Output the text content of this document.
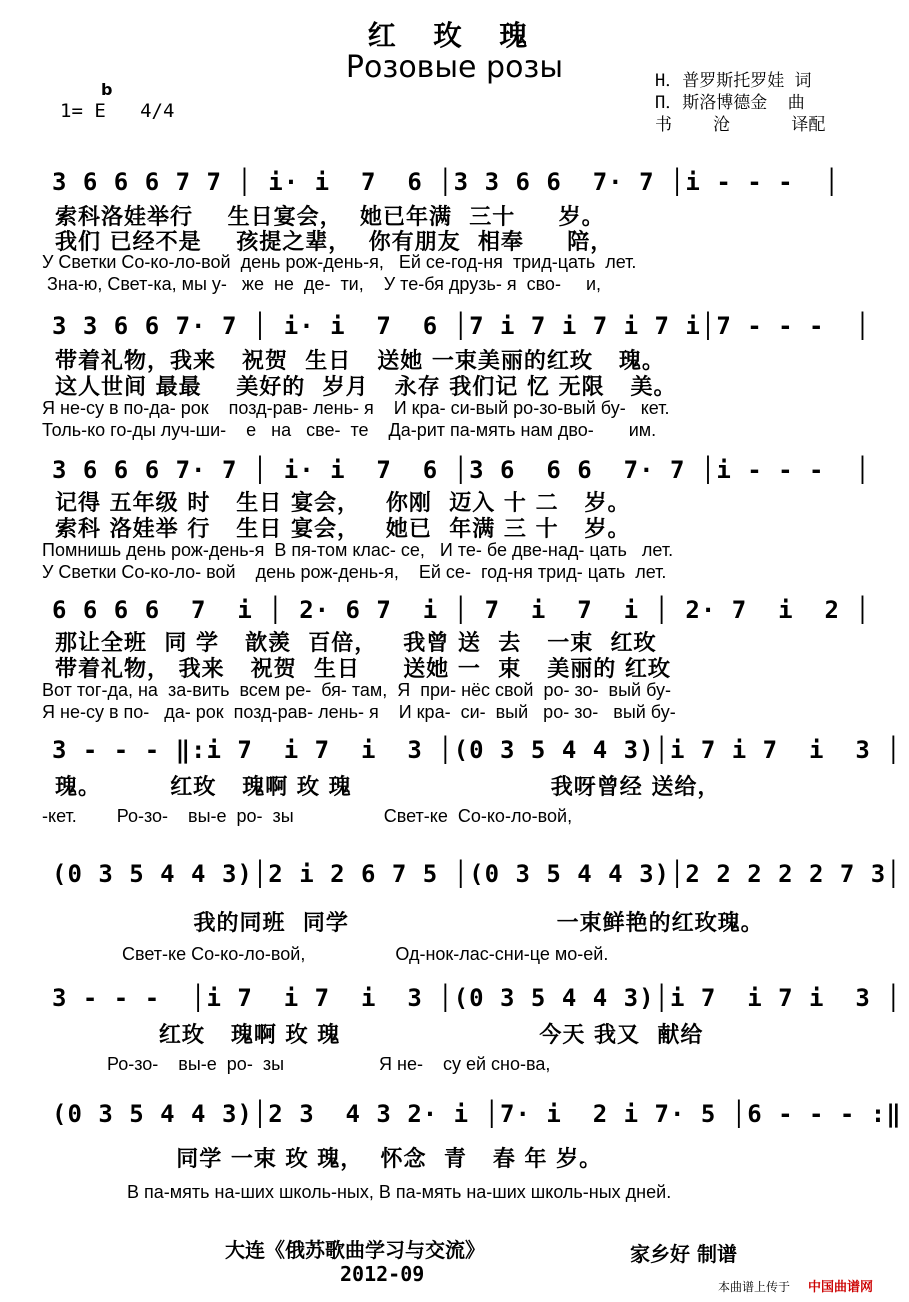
红 玫 瑰
Розовые розы
b
1= E   4/4
Н．普罗斯托罗娃 词
П．斯洛博德金  曲
书    沧      译配
3 6 6 6 7 7 │ i· i  7  6 │3 3 6 6  7· 7 │i - - -  │
索科洛娃举行    生日宴会，  她已年满  三十     岁。
我们 已经不是    孩提之辈，  你有朋友  相奉     陪，
У Светки Со-ко-ло-вой  день рож-день-я,   Ей се-год-ня  трид-цать  лет.
Зна-ю, Свет-ка, мы у-   же  не  де-  ти,    У те-бя друзь- я  сво-     и,
3 3 6 6 7· 7 │ i· i  7  6 │7 i 7 i 7 i 7 i│7 - - -  │
带着礼物，我来   祝贺  生日   送她 一束美丽的红玫   瑰。
这人世间 最最    美好的  岁月   永存 我们记 忆 无限   美。
Я не-су в по-да- рок    позд-рав- лень- я    И кра- си-вый ро-зо-вый бу-   кет.
Толь-ко го-ды луч-ши-    е   на   све-  те    Да-рит па-мять нам дво-       им.
3 6 6 6 7· 7 │ i· i  7  6 │3 6  6 6  7· 7 │i - - -  │
记得 五年级 时   生日 宴会，   你刚  迈入 十 二   岁。
索科 洛娃举 行   生日 宴会，   她已  年满 三 十   岁。
Помнишь день рож-день-я  В пя-том клас- се,   И те- бе две-над- цать   лет.
У Светки Со-ко-ло- вой    день рож-день-я,    Ей се-  год-ня трид- цать  лет.
6 6 6 6  7  i │ 2· 6 7  i │ 7  i  7  i │ 2· 7  i  2 │
那让全班  同 学   歆羡  百倍，   我曾 送  去   一束  红玫
带着礼物， 我来   祝贺  生日     送她 一  束   美丽的 红玫
Вот тог-да, на  за-вить  всем ре-  бя- там,  Я  при- нёс свой  ро- зо-  вый бу-
Я не-су в по-   да- рок  позд-рав- лень- я    И кра-  си-  вый   ро- зо-   вый бу-
3 - - - ‖:i 7  i 7  i  3 │(0 3 5 4 4 3)│i 7 i 7  i  3 │
瑰。        红玫   瑰啊 玫 瑰                       我呀曾经 送给，
-кет.        Ро-зо-    вы-е  ро-  зы                  Свет-ке  Со-ко-ло-вой,
(0 3 5 4 4 3)│2 i 2 6 7 5 │(0 3 5 4 4 3)│2 2 2 2 2 7 3│
我的同班  同学                        一束鲜艳的红玫瑰。
Свет-ке Со-ко-ло-вой,                  Од-нок-лас-сни-це мо-ей.
3 - - -  │i 7  i 7  i  3 │(0 3 5 4 4 3)│i 7  i 7 i  3 │
红玫   瑰啊 玫 瑰                       今天 我又  献给
Ро-зо-    вы-е  ро-  зы                   Я не-    су ей сно-ва,
(0 3 5 4 4 3)│2 3  4 3 2· i │7· i  2 i 7· 5 │6 - - - :‖
同学 一束 玫 瑰，  怀念  青   春 年 岁。
В па-мять на-ших школь-ных, В па-мять на-ших школь-ных дней.
大连《俄苏歌曲学习与交流》	家乡好 制谱
2012-09
本曲谱上传于 中国曲谱网
